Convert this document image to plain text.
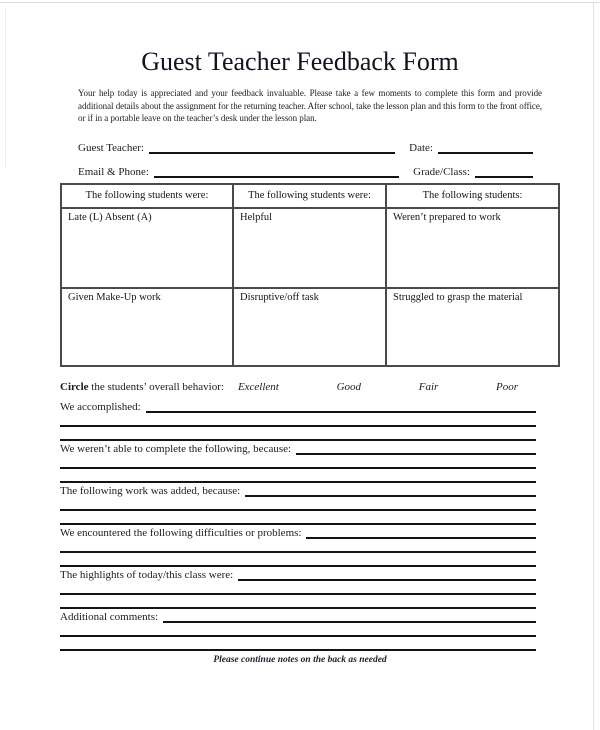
Guest Teacher Feedback Form
Your help today is appreciated and your feedback invaluable. Please take a few moments to complete this form and provide additional details about the assignment for the returning teacher. After school, take the lesson plan and this form to the front office, or if in a portable leave on the teacher’s desk under the lesson plan.
Guest Teacher:	Date:
Email & Phone:	Grade/Class:
The following students were:	The following students were:	The following students:
Late (L) Absent (A)	Helpful	Weren’t prepared to work
Given Make-Up work	Disruptive/off task	Struggled to grasp the material
Circle the students’ overall behavior: Excellent	Good	Fair	Poor
We accomplished:
We weren’t able to complete the following, because:
The following work was added, because:
We encountered the following difficulties or problems:
The highlights of today/this class were:
Additional comments:
Please continue notes on the back as needed
